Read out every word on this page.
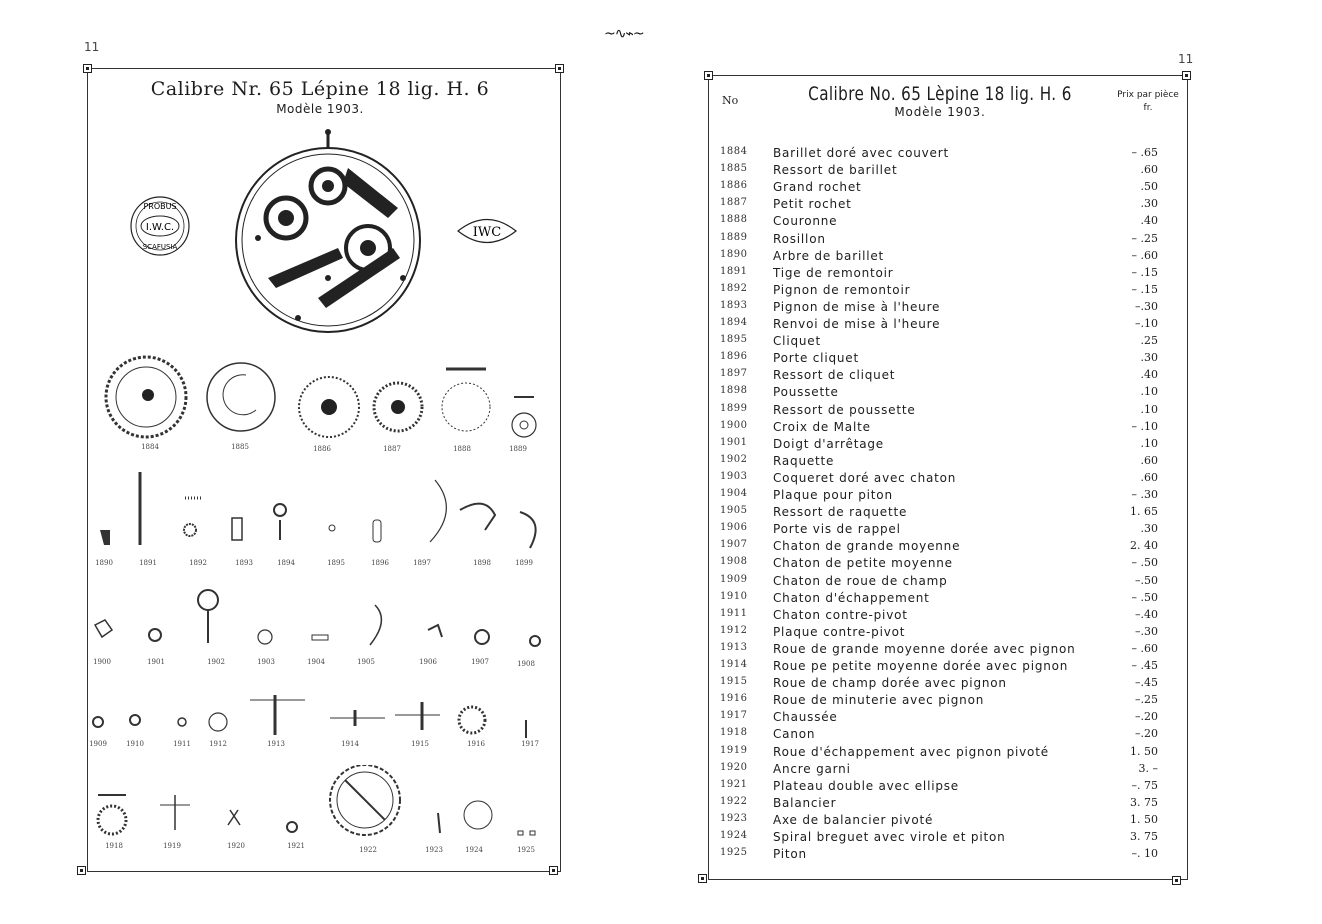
11
Calibre Nr. 65 Lépine 18 lig. H. 6
Modèle 1903.
PROBUS
I.W.C.
SCAFUSIA
IWC
1884	1885	1886	1887	1888	1889
1890	1891	1892	1893	1894	1895	1896	1897	1898	1899
1900	1901	1902	1903	1904	1905	1906	1907	1908
1909	1910	1911	1912	1913	1914	1915	1916	1917
1918	1919	1920	1921	1922	1923	1924	1925
~∿⌁~
11
No	Calibre No. 65 Lèpine 18 lig. H. 6
Modèle 1903.
Prix par pièce
fr.
1884	Barillet doré avec couvert	– .65
1885	Ressort de barillet	.60
1886	Grand rochet	.50
1887	Petit rochet	.30
1888	Couronne	.40
1889	Rosillon	– .25
1890	Arbre de barillet	– .60
1891	Tige de remontoir	– .15
1892	Pignon de remontoir	– .15
1893	Pignon de mise à l'heure	–.30
1894	Renvoi de mise à l'heure	–.10
1895	Cliquet	.25
1896	Porte cliquet	.30
1897	Ressort de cliquet	.40
1898	Poussette	.10
1899	Ressort de poussette	.10
1900	Croix de Malte	– .10
1901	Doigt d'arrêtage	.10
1902	Raquette	.60
1903	Coqueret doré avec chaton	.60
1904	Plaque pour piton	– .30
1905	Ressort de raquette	1. 65
1906	Porte vis de rappel	.30
1907	Chaton de grande moyenne	2. 40
1908	Chaton de petite moyenne	– .50
1909	Chaton de roue de champ	–.50
1910	Chaton d'échappement	– .50
1911	Chaton contre-pivot	–.40
1912	Plaque contre-pivot	–.30
1913	Roue de grande moyenne dorée avec pignon	– .60
1914	Roue pe petite moyenne dorée avec pignon	– .45
1915	Roue de champ dorée avec pignon	–.45
1916	Roue de minuterie avec pignon	–.25
1917	Chaussée	–.20
1918	Canon	–.20
1919	Roue d'échappement avec pignon pivoté	1. 50
1920	Ancre garni	3. –
1921	Plateau double avec ellipse	–. 75
1922	Balancier	3. 75
1923	Axe de balancier pivoté	1. 50
1924	Spiral breguet avec virole et piton	3. 75
1925	Piton	–. 10
